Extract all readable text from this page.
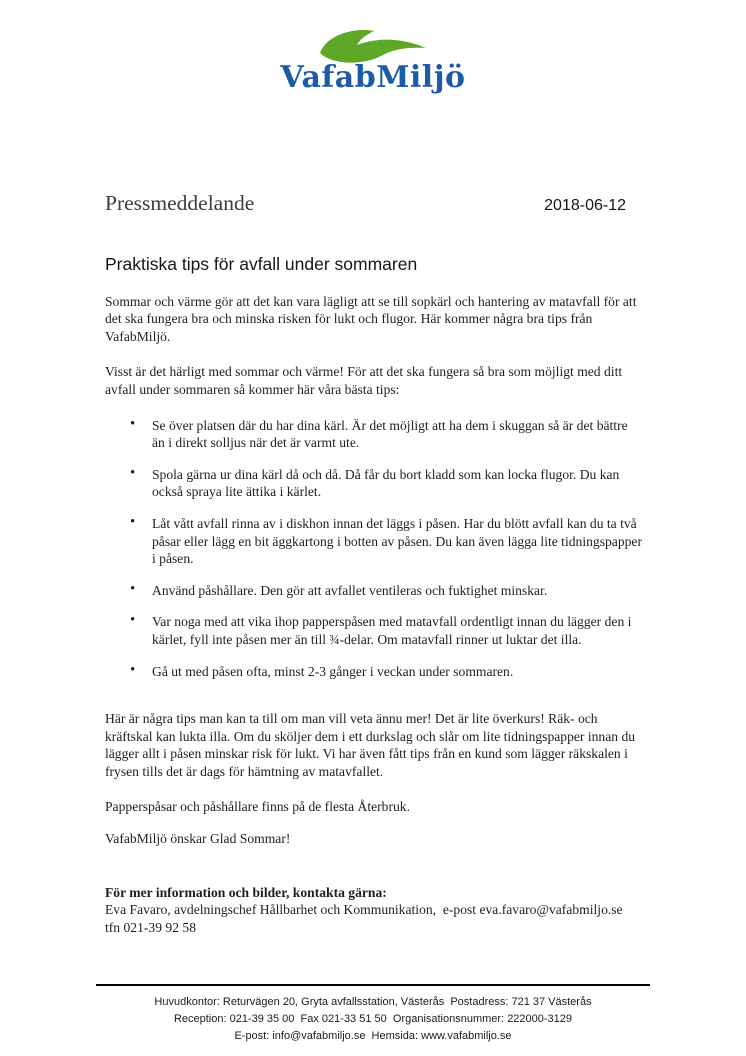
VafabMiljö
Pressmeddelande	2018-06-12
Praktiska tips för avfall under sommaren

Sommar och värme gör att det kan vara lägligt att se till sopkärl och hantering av matavfall för att det ska fungera bra och minska risken för lukt och flugor. Här kommer några bra tips från VafabMiljö.

Visst är det härligt med sommar och värme! För att det ska fungera så bra som möjligt med ditt avfall under sommaren så kommer här våra bästa tips:

• Se över platsen där du har dina kärl. Är det möjligt att ha dem i skuggan så är det bättre än i direkt solljus när det är varmt ute.
• Spola gärna ur dina kärl då och då. Då får du bort kladd som kan locka flugor. Du kan också spraya lite ättika i kärlet.
• Låt vått avfall rinna av i diskhon innan det läggs i påsen. Har du blött avfall kan du ta två påsar eller lägg en bit äggkartong i botten av påsen. Du kan även lägga lite tidningspapper i påsen.
• Använd påshållare. Den gör att avfallet ventileras och fuktighet minskar.
• Var noga med att vika ihop papperspåsen med matavfall ordentligt innan du lägger den i kärlet, fyll inte påsen mer än till ¾-delar. Om matavfall rinner ut luktar det illa.
• Gå ut med påsen ofta, minst 2-3 gånger i veckan under sommaren.

Här är några tips man kan ta till om man vill veta ännu mer! Det är lite överkurs! Räk- och kräftskal kan lukta illa. Om du sköljer dem i ett durkslag och slår om lite tidningspapper innan du lägger allt i påsen minskar risk för lukt. Vi har även fått tips från en kund som lägger räkskalen i frysen tills det är dags för hämtning av matavfallet.

Papperspåsar och påshållare finns på de flesta Återbruk.

VafabMiljö önskar Glad Sommar!

För mer information och bilder, kontakta gärna:
Eva Favaro, avdelningschef Hållbarhet och Kommunikation,  e-post eva.favaro@vafabmiljo.se
tfn 021-39 92 58
Huvudkontor: Returvägen 20, Gryta avfallsstation, Västerås  Postadress: 721 37 Västerås
Reception: 021-39 35 00  Fax 021-33 51 50  Organisationsnummer: 222000-3129
E-post: info@vafabmiljo.se  Hemsida: www.vafabmiljo.se
